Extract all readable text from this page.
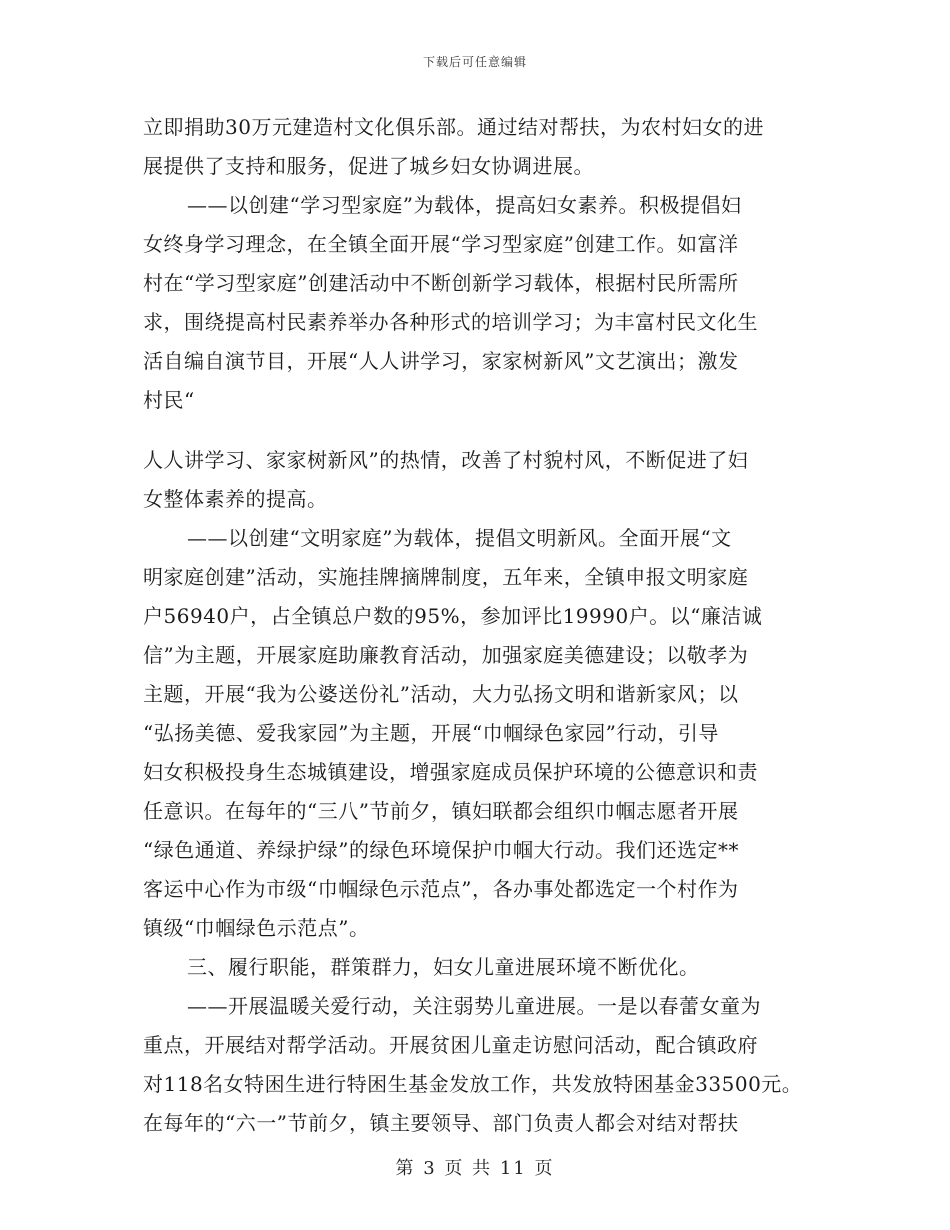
下载后可任意编辑
立即捐助30万元建造村文化俱乐部。通过结对帮扶，为农村妇女的进
展提供了支持和服务，促进了城乡妇女协调进展。
——以创建“学习型家庭”为载体，提高妇女素养。积极提倡妇
女终身学习理念，在全镇全面开展“学习型家庭”创建工作。如富洋
村在“学习型家庭”创建活动中不断创新学习载体，根据村民所需所
求，围绕提高村民素养举办各种形式的培训学习；为丰富村民文化生
活自编自演节目，开展“人人讲学习，家家树新风”文艺演出；激发
村民“
人人讲学习、家家树新风”的热情，改善了村貌村风，不断促进了妇
女整体素养的提高。
——以创建“文明家庭”为载体，提倡文明新风。全面开展“文
明家庭创建”活动，实施挂牌摘牌制度，五年来，全镇申报文明家庭
户56940户，占全镇总户数的95%，参加评比19990户。以“廉洁诚
信”为主题，开展家庭助廉教育活动，加强家庭美德建设；以敬孝为
主题，开展“我为公婆送份礼”活动，大力弘扬文明和谐新家风；以
“弘扬美德、爱我家园”为主题，开展“巾帼绿色家园”行动，引导
妇女积极投身生态城镇建设，增强家庭成员保护环境的公德意识和责
任意识。在每年的“三八”节前夕，镇妇联都会组织巾帼志愿者开展
“绿色通道、养绿护绿”的绿色环境保护巾帼大行动。我们还选定**
客运中心作为市级“巾帼绿色示范点”，各办事处都选定一个村作为
镇级“巾帼绿色示范点”。
三、履行职能，群策群力，妇女儿童进展环境不断优化。
——开展温暖关爱行动，关注弱势儿童进展。一是以春蕾女童为
重点，开展结对帮学活动。开展贫困儿童走访慰问活动，配合镇政府
对118名女特困生进行特困生基金发放工作，共发放特困基金33500元。
在每年的“六一”节前夕，镇主要领导、部门负责人都会对结对帮扶
第 3 页 共 11 页
